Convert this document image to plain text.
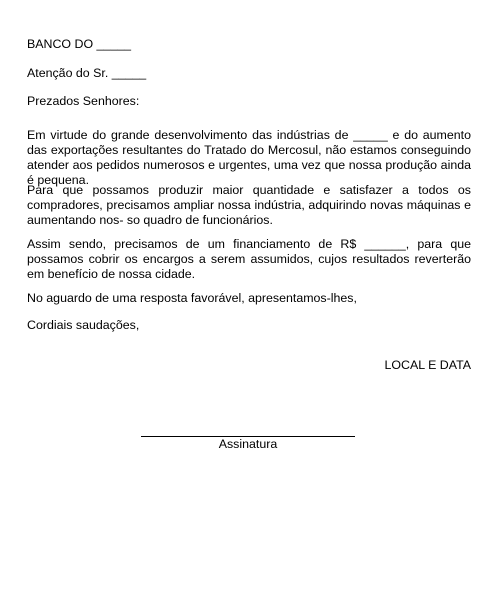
BANCO DO _____
Atenção do Sr. _____
Prezados Senhores:

Em virtude do grande desenvolvimento das indústrias de _____ e do aumento das exportações resultantes do Tratado do Mercosul, não estamos conseguindo atender aos pedidos numerosos e urgentes, uma vez que nossa produção ainda é pequena.

Para que possamos produzir maior quantidade e satisfazer a todos os compradores, precisamos ampliar nossa indústria, adquirindo novas máquinas e aumentando nos- so quadro de funcionários.

Assim sendo, precisamos de um financiamento de R$ ______, para que possamos cobrir os encargos a serem assumidos, cujos resultados reverterão em benefício de nossa cidade.

No aguardo de uma resposta favorável, apresentamos-lhes,
Cordiais saudações,
LOCAL E DATA
Assinatura
